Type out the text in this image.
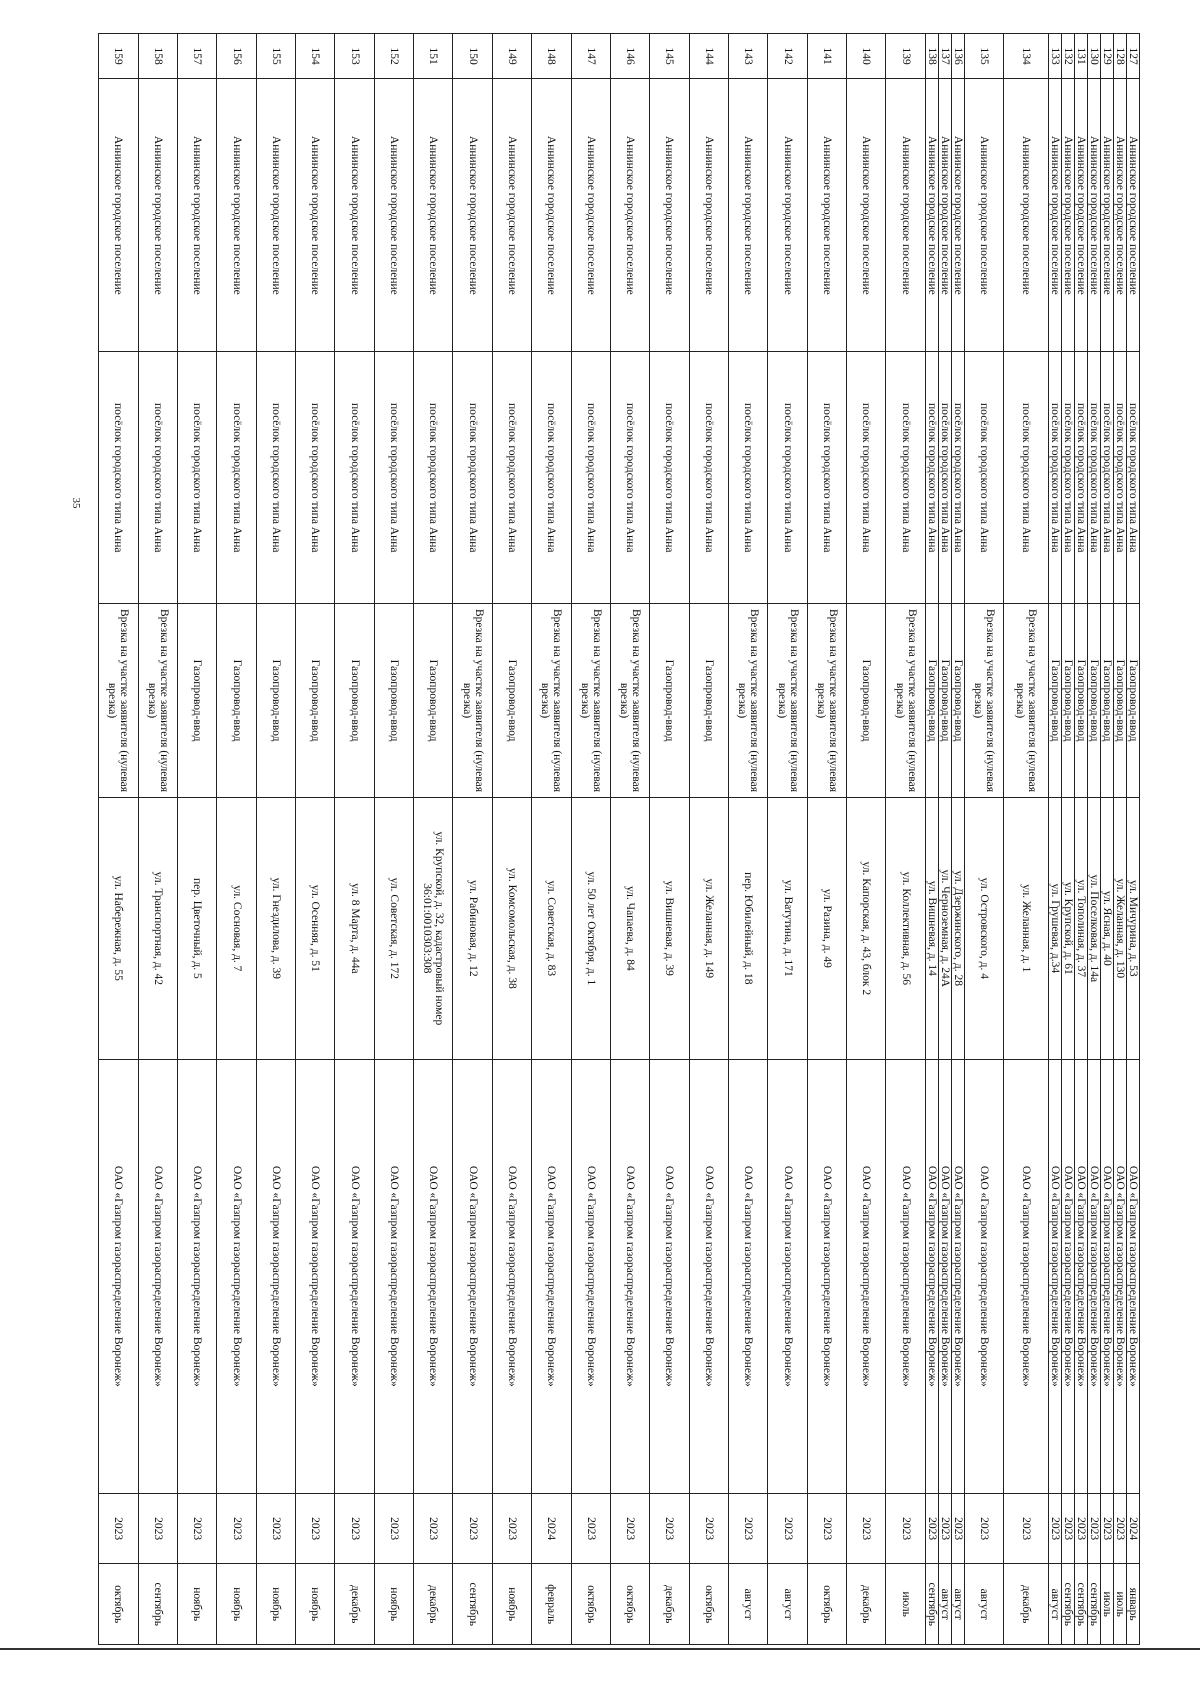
35
127	Аннинское городское поселение	посёлок городского типа Анна	Газопровод-ввод	ул. Мичурина, д. 53	ОАО «Газпром газораспределение Воронеж»	2024	январь
128	Аннинское городское поселение	посёлок городского типа Анна	Газопровод-ввод	ул. Желанная, д. 130	ОАО «Газпром газораспределение Воронеж»	2023	июль
129	Аннинское городское поселение	посёлок городского типа Анна	Газопровод-ввод	ул. Ясная, д. 40	ОАО «Газпром газораспределение Воронеж»	2023	июль
130	Аннинское городское поселение	посёлок городского типа Анна	Газопровод-ввод	ул. Поселковая, д. 14а	ОАО «Газпром газораспределение Воронеж»	2023	сентябрь
131	Аннинское городское поселение	посёлок городского типа Анна	Газопровод-ввод	ул. Тополиная, д. 37	ОАО «Газпром газораспределение Воронеж»	2023	сентябрь
132	Аннинское городское поселение	посёлок городского типа Анна	Газопровод-ввод	ул. Крупской, д. 61	ОАО «Газпром газораспределение Воронеж»	2023	сентябрь
133	Аннинское городское поселение	посёлок городского типа Анна	Газопровод-ввод	ул. Грушевая, д.34	ОАО «Газпром газораспределение Воронеж»	2023	август
134	Аннинское городское поселение	посёлок городского типа Анна	Врезка на участке заявителя (нулевая врезка)	ул. Желанная, д. 1	ОАО «Газпром газораспределение Воронеж»	2023	декабрь
135	Аннинское городское поселение	посёлок городского типа Анна	Врезка на участке заявителя (нулевая врезка)	ул. Островского, д. 4	ОАО «Газпром газораспределение Воронеж»	2023	август
136	Аннинское городское поселение	посёлок городского типа Анна	Газопровод-ввод	ул. Дзержинского, д. 28	ОАО «Газпром газораспределение Воронеж»	2023	август
137	Аннинское городское поселение	посёлок городского типа Анна	Газопровод-ввод	ул. Черноземная, д. 24А	ОАО «Газпром газораспределение Воронеж»	2023	август
138	Аннинское городское поселение	посёлок городского типа Анна	Газопровод-ввод	ул. Вишневая, д. 14	ОАО «Газпром газораспределение Воронеж»	2023	сентябрь
139	Аннинское городское поселение	посёлок городского типа Анна	Врезка на участке заявителя (нулевая врезка)	ул. Коллективная, д. 56	ОАО «Газпром газораспределение Воронеж»	2023	июль
140	Аннинское городское поселение	посёлок городского типа Анна	Газопровод-ввод	ул. Капорская, д. 43, блок 2	ОАО «Газпром газораспределение Воронеж»	2023	декабрь
141	Аннинское городское поселение	посёлок городского типа Анна	Врезка на участке заявителя (нулевая врезка)	ул. Разина, д. 49	ОАО «Газпром газораспределение Воронеж»	2023	октябрь
142	Аннинское городское поселение	посёлок городского типа Анна	Врезка на участке заявителя (нулевая врезка)	ул. Ватутина, д. 171	ОАО «Газпром газораспределение Воронеж»	2023	август
143	Аннинское городское поселение	посёлок городского типа Анна	Врезка на участке заявителя (нулевая врезка)	пер. Юбилейный, д. 18	ОАО «Газпром газораспределение Воронеж»	2023	август
144	Аннинское городское поселение	посёлок городского типа Анна	Газопровод-ввод	ул. Желанная, д. 149	ОАО «Газпром газораспределение Воронеж»	2023	октябрь
145	Аннинское городское поселение	посёлок городского типа Анна	Газопровод-ввод	ул. Вишневая, д. 39	ОАО «Газпром газораспределение Воронеж»	2023	декабрь
146	Аннинское городское поселение	посёлок городского типа Анна	Врезка на участке заявителя (нулевая врезка)	ул. Чапаева, д. 84	ОАО «Газпром газораспределение Воронеж»	2023	октябрь
147	Аннинское городское поселение	посёлок городского типа Анна	Врезка на участке заявителя (нулевая врезка)	ул. 50 лет Октября, д. 1	ОАО «Газпром газораспределение Воронеж»	2023	октябрь
148	Аннинское городское поселение	посёлок городского типа Анна	Врезка на участке заявителя (нулевая врезка)	ул. Советская, д. 83	ОАО «Газпром газораспределение Воронеж»	2024	февраль
149	Аннинское городское поселение	посёлок городского типа Анна	Газопровод-ввод	ул. Комсомольская, д. 38	ОАО «Газпром газораспределение Воронеж»	2023	ноябрь
150	Аннинское городское поселение	посёлок городского типа Анна	Врезка на участке заявителя (нулевая врезка)	ул. Рабиновая, д. 12	ОАО «Газпром газораспределение Воронеж»	2023	сентябрь
151	Аннинское городское поселение	посёлок городского типа Анна	Газопровод-ввод	ул. Крупской, д. 32, кадастровый номер 36:01:0010303:308	ОАО «Газпром газораспределение Воронеж»	2023	декабрь
152	Аннинское городское поселение	посёлок городского типа Анна	Газопровод-ввод	ул. Советская, д. 172	ОАО «Газпром газораспределение Воронеж»	2023	ноябрь
153	Аннинское городское поселение	посёлок городского типа Анна	Газопровод-ввод	ул. 8 Марта, д. 44а	ОАО «Газпром газораспределение Воронеж»	2023	декабрь
154	Аннинское городское поселение	посёлок городского типа Анна	Газопровод-ввод	ул. Осенняя, д. 51	ОАО «Газпром газораспределение Воронеж»	2023	ноябрь
155	Аннинское городское поселение	посёлок городского типа Анна	Газопровод-ввод	ул. Гнездилова, д. 39	ОАО «Газпром газораспределение Воронеж»	2023	ноябрь
156	Аннинское городское поселение	посёлок городского типа Анна	Газопровод-ввод	ул. Сосновая, д. 7	ОАО «Газпром газораспределение Воронеж»	2023	ноябрь
157	Аннинское городское поселение	посёлок городского типа Анна	Газопровод-ввод	пер. Цветочный, д. 5	ОАО «Газпром газораспределение Воронеж»	2023	ноябрь
158	Аннинское городское поселение	посёлок городского типа Анна	Врезка на участке заявителя (нулевая врезка)	ул. Транспортная, д. 42	ОАО «Газпром газораспределение Воронеж»	2023	сентябрь
159	Аннинское городское поселение	посёлок городского типа Анна	Врезка на участке заявителя (нулевая врезка)	ул. Набережная, д. 55	ОАО «Газпром газораспределение Воронеж»	2023	октябрь
